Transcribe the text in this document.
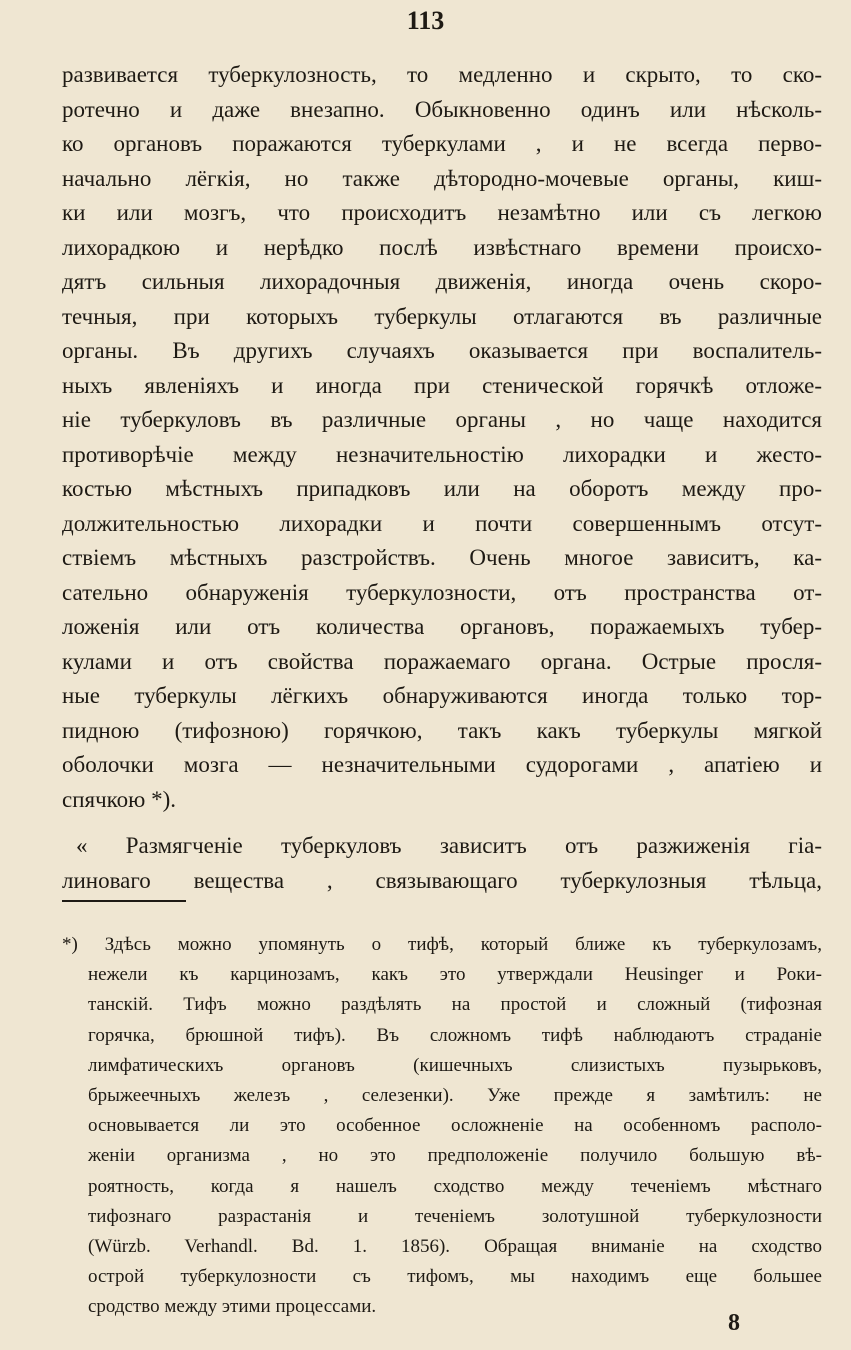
113
развивается туберкулозность, то медленно и скрыто, то ско-
ротечно и даже внезапно. Обыкновенно одинъ или нѣсколь-
ко органовъ поражаются туберкулами , и не всегда перво-
начально лёгкія, но также дѣтородно-мочевые органы, киш-
ки или мозгъ, что происходитъ незамѣтно или съ легкою
лихорадкою и нерѣдко послѣ извѣстнаго времени происхо-
дятъ сильныя лихорадочныя движенія, иногда очень скоро-
течныя, при которыхъ туберкулы отлагаются въ различные
органы. Въ другихъ случаяхъ оказывается при воспалитель-
ныхъ явленіяхъ и иногда при стенической горячкѣ отложе-
ніе туберкуловъ въ различные органы , но чаще находится
противорѣчіе между незначительностію лихорадки и жесто-
костью мѣстныхъ припадковъ или на оборотъ между про-
должительностью лихорадки и почти совершеннымъ отсут-
ствіемъ мѣстныхъ разстройствъ. Очень многое зависитъ, ка-
сательно обнаруженія туберкулозности, отъ пространства от-
ложенія или отъ количества органовъ, поражаемыхъ тубер-
кулами и отъ свойства поражаемаго органа. Острые просля-
ные туберкулы лёгкихъ обнаруживаются иногда только тор-
пидною (тифозною) горячкою, такъ какъ туберкулы мягкой
оболочки мозга — незначительными судорогами , апатіею и
спячкою *).
« Размягченіе туберкуловъ зависитъ отъ разжиженія гіа-
линоваго вещества , связывающаго туберкулозныя тѣльца,
*) Здѣсь можно упомянуть о тифѣ, который ближе къ туберкулозамъ,
нежели къ карцинозамъ, какъ это утверждали Heusinger и Роки-
танскій. Тифъ можно раздѣлять на простой и сложный (тифозная
горячка, брюшной тифъ). Въ сложномъ тифѣ наблюдаютъ страданіе
лимфатическихъ органовъ (кишечныхъ слизистыхъ пузырьковъ,
брыжеечныхъ железъ , селезенки). Уже прежде я замѣтилъ: не
основывается ли это особенное осложненіе на особенномъ располо-
женіи организма , но это предположеніе получило большую вѣ-
роятность, когда я нашелъ сходство между теченіемъ мѣстнаго
тифознаго разрастанія и теченіемъ золотушной туберкулозности
(Würzb. Verhandl. Bd. 1. 1856). Обращая вниманіе на сходство
острой туберкулозности съ тифомъ, мы находимъ еще большее
сродство между этими процессами.
8
